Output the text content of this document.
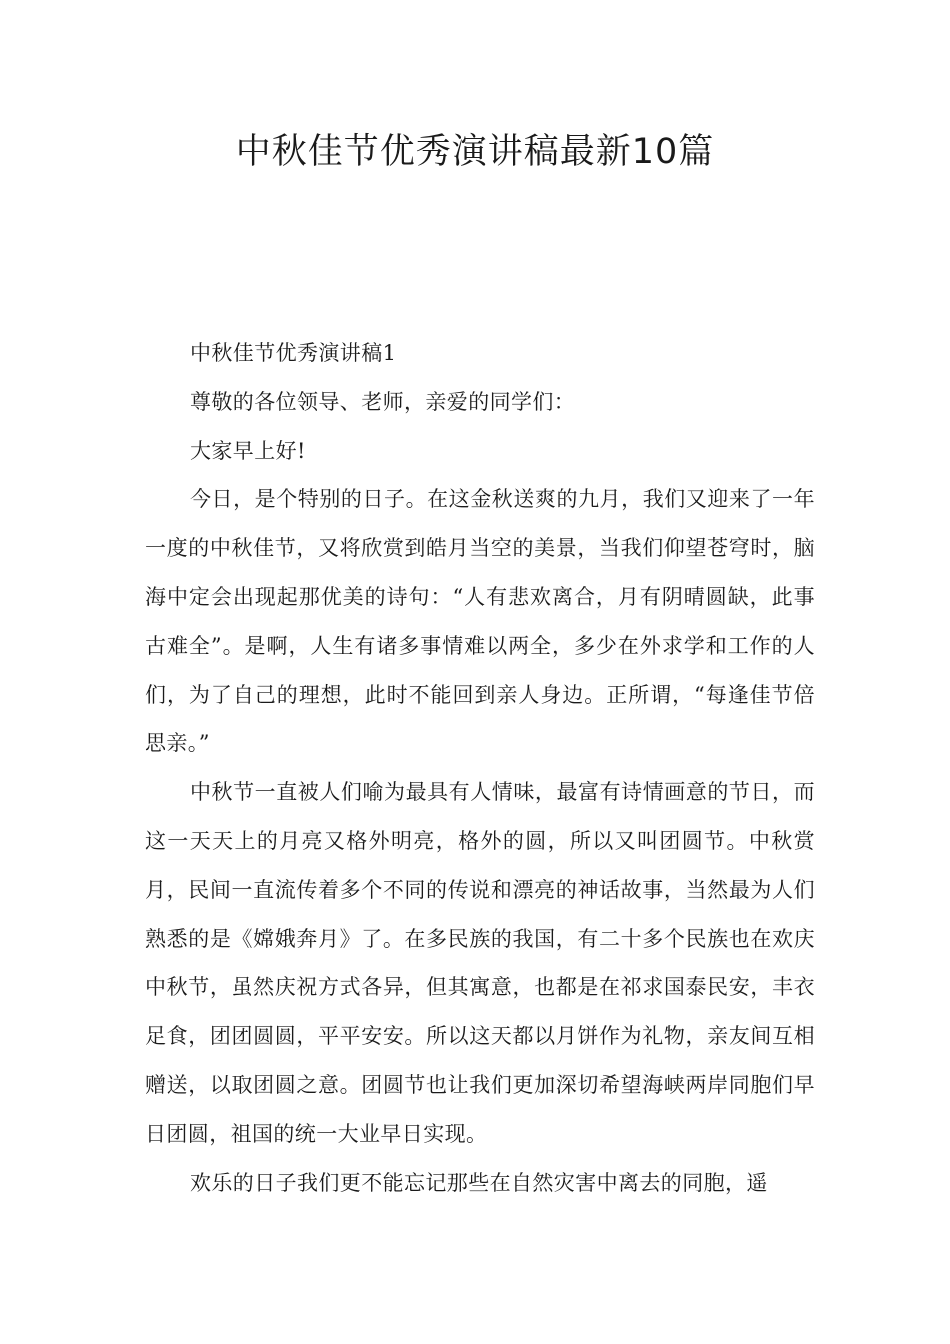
中秋佳节优秀演讲稿最新10篇

中秋佳节优秀演讲稿1

尊敬的各位领导、老师，亲爱的同学们：

大家早上好!

今日，是个特别的日子。在这金秋送爽的九月，我们又迎来了一年一度的中秋佳节，又将欣赏到皓月当空的美景，当我们仰望苍穹时，脑海中定会出现起那优美的诗句：“人有悲欢离合，月有阴晴圆缺，此事古难全”。是啊，人生有诸多事情难以两全，多少在外求学和工作的人们，为了自己的理想，此时不能回到亲人身边。正所谓，“每逢佳节倍思亲。”

中秋节一直被人们喻为最具有人情味，最富有诗情画意的节日，而这一天天上的月亮又格外明亮，格外的圆，所以又叫团圆节。中秋赏月，民间一直流传着多个不同的传说和漂亮的神话故事，当然最为人们熟悉的是《嫦娥奔月》了。在多民族的我国，有二十多个民族也在欢庆中秋节，虽然庆祝方式各异，但其寓意，也都是在祁求国泰民安，丰衣足食，团团圆圆，平平安安。所以这天都以月饼作为礼物，亲友间互相赠送，以取团圆之意。团圆节也让我们更加深切希望海峡两岸同胞们早日团圆，祖国的统一大业早日实现。

欢乐的日子我们更不能忘记那些在自然灾害中离去的同胞，遥
